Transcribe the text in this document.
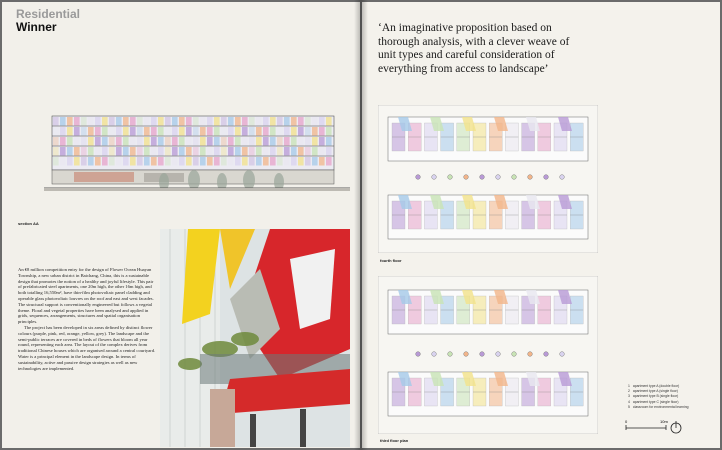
Residential
Winner
section AA

An €8 million competition entry for the design of Flower Ocean Huayan Township, a new urban district in Baichang, China, this is a sustainable design that promotes the notion of a healthy and joyful lifestyle. This pair of prefabricated steel apartments, one 20m high, the other 16m high, and both totalling 16,550m², have thin-film photovoltaic panel cladding and operable glass photovoltaic louvres on the roof and east and west facades. The structural support is conventionally engineered but follows a vegetal theme. Floral and vegetal properties have been analysed and applied in grids, sequences, arrangements, structures and spatial organisation principles.

The project has been developed in six areas defined by distinct flower colours (purple, pink, red, orange, yellow, grey). The landscape and the semi-public terraces are covered in beds of flowers that bloom all year round, representing each area. The layout of the complex derives from traditional Chinese houses which are organised around a central courtyard. Water is a principal element in the landscape design. In terms of sustainability, active and passive design strategies as well as new technologies are implemented.

‘An imaginative proposition based on thorough analysis, with a clever weave of unit types and careful consideration of everything from access to landscape’
fourth floor
third floor plan
1 apartment type A (double floor)
2 apartment type A (single floor)
3 apartment type B (single floor)
4 apartment type C (single floor)
5 classroom for environmental learning
0	10m
